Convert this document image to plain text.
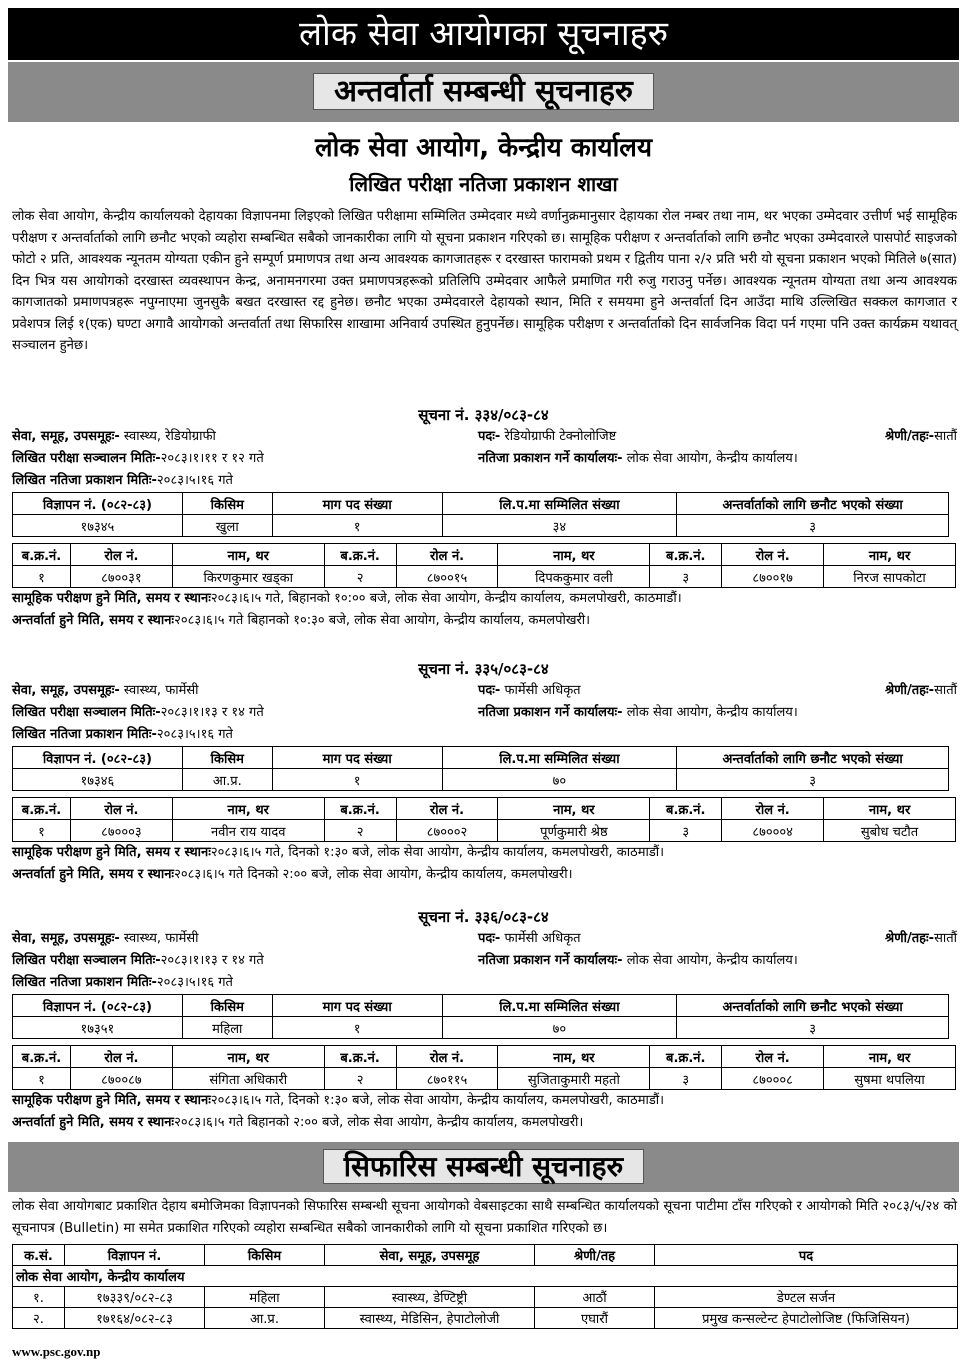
लोक सेवा आयोगका सूचनाहरु
अन्तर्वार्ता सम्बन्धी सूचनाहरु
लोक सेवा आयोग, केन्द्रीय कार्यालय
लिखित परीक्षा नतिजा प्रकाशन शाखा
लोक सेवा आयोग, केन्द्रीय कार्यालयको देहायका विज्ञापनमा लिइएको लिखित परीक्षामा सम्मिलित उम्मेदवार मध्ये वर्णानुक्रमानुसार देहायका रोल नम्बर तथा नाम, थर भएका उम्मेदवार उत्तीर्ण भई सामूहिक परीक्षण र अन्तर्वार्ताको लागि छनौट भएको व्यहोरा सम्बन्धित सबैको जानकारीका लागि यो सूचना प्रकाशन गरिएको छ। सामूहिक परीक्षण र अन्तर्वार्ताको लागि छनौट भएका उम्मेदवारले पासपोर्ट साइजको फोटो २ प्रति, आवश्यक न्यूनतम योग्यता एकीन हुने सम्पूर्ण प्रमाणपत्र तथा अन्य आवश्यक कागजातहरू र दरखास्त फारामको प्रथम र द्वितीय पाना २/२ प्रति भरी यो सूचना प्रकाशन भएको मितिले ७(सात) दिन भित्र यस आयोगको दरखास्त व्यवस्थापन केन्द्र, अनामनगरमा उक्त प्रमाणपत्रहरूको प्रतिलिपि उम्मेदवार आफैले प्रमाणित गरी रुजु गराउनु पर्नेछ। आवश्यक न्यूनतम योग्यता तथा अन्य आवश्यक कागजातको प्रमाणपत्रहरू नपुग्नाएमा जुनसुकै बखत दरखास्त रद्द हुनेछ। छनौट भएका उम्मेदवारले देहायको स्थान, मिति र समयमा हुने अन्तर्वार्ता दिन आउँदा माथि उल्लिखित सक्कल कागजात र प्रवेशपत्र लिई १(एक) घण्टा अगावै आयोगको अन्तर्वार्ता तथा सिफारिस शाखामा अनिवार्य उपस्थित हुनुपर्नेछ। सामूहिक परीक्षण र अन्तर्वार्ताको दिन सार्वजनिक विदा पर्न गएमा पनि उक्त कार्यक्रम यथावत् सञ्चालन हुनेछ।
सूचना नं. ३३४/०८३-८४
सेवा, समूह, उपसमूहः- स्वास्थ्य, रेडियोग्राफी	पदः- रेडियोग्राफी टेक्नोलोजिष्ट	श्रेणी/तहः-सातौं
लिखित परीक्षा सञ्चालन मितिः-२०८३।१।११ र १२ गते	नतिजा प्रकाशन गर्ने कार्यालयः- लोक सेवा आयोग, केन्द्रीय कार्यालय।
लिखित नतिजा प्रकाशन मितिः-२०८३।५।१६ गते
विज्ञापन नं. (०८२-८३)	किसिम	माग पद संख्या	लि.प.मा सम्मिलित संख्या	अन्तर्वार्ताको लागि छनौट भएको संख्या
१७३४५	खुला	१	३४	३
ब.क्र.नं.	रोल नं.	नाम, थर	ब.क्र.नं.	रोल नं.	नाम, थर	ब.क्र.नं.	रोल नं.	नाम, थर
१	८७००३१	किरणकुमार खड्का	२	८७००१५	दिपककुमार वली	३	८७००१७	निरज सापकोटा
सामूहिक परीक्षण हुने मिति, समय र स्थानः२०८३।६।५ गते, बिहानको १०:०० बजे, लोक सेवा आयोग, केन्द्रीय कार्यालय, कमलपोखरी, काठमाडौं।
अन्तर्वार्ता हुने मिति, समय र स्थानः२०८३।६।५ गते बिहानको १०:३० बजे, लोक सेवा आयोग, केन्द्रीय कार्यालय, कमलपोखरी।
सूचना नं. ३३५/०८३-८४
सेवा, समूह, उपसमूहः- स्वास्थ्य, फार्मेसी	पदः- फार्मेसी अधिकृत	श्रेणी/तहः-सातौं
लिखित परीक्षा सञ्चालन मितिः-२०८३।१।१३ र १४ गते	नतिजा प्रकाशन गर्ने कार्यालयः- लोक सेवा आयोग, केन्द्रीय कार्यालय।
लिखित नतिजा प्रकाशन मितिः-२०८३।५।१६ गते
विज्ञापन नं. (०८२-८३)	किसिम	माग पद संख्या	लि.प.मा सम्मिलित संख्या	अन्तर्वार्ताको लागि छनौट भएको संख्या
१७३४६	आ.प्र.	१	७०	३
ब.क्र.नं.	रोल नं.	नाम, थर	ब.क्र.नं.	रोल नं.	नाम, थर	ब.क्र.नं.	रोल नं.	नाम, थर
१	८७०००३	नवीन राय यादव	२	८७०००२	पूर्णकुमारी श्रेष्ठ	३	८७०००४	सुबोध चटौत
सामूहिक परीक्षण हुने मिति, समय र स्थानः२०८३।६।५ गते, दिनको १:३० बजे, लोक सेवा आयोग, केन्द्रीय कार्यालय, कमलपोखरी, काठमाडौं।
अन्तर्वार्ता हुने मिति, समय र स्थानः२०८३।६।५ गते दिनको २:०० बजे, लोक सेवा आयोग, केन्द्रीय कार्यालय, कमलपोखरी।
सूचना नं. ३३६/०८३-८४
सेवा, समूह, उपसमूहः- स्वास्थ्य, फार्मेसी	पदः- फार्मेसी अधिकृत	श्रेणी/तहः-सातौं
लिखित परीक्षा सञ्चालन मितिः-२०८३।१।१३ र १४ गते	नतिजा प्रकाशन गर्ने कार्यालयः- लोक सेवा आयोग, केन्द्रीय कार्यालय।
लिखित नतिजा प्रकाशन मितिः-२०८३।५।१६ गते
विज्ञापन नं. (०८२-८३)	किसिम	माग पद संख्या	लि.प.मा सम्मिलित संख्या	अन्तर्वार्ताको लागि छनौट भएको संख्या
१७३५१	महिला	१	७०	३
ब.क्र.नं.	रोल नं.	नाम, थर	ब.क्र.नं.	रोल नं.	नाम, थर	ब.क्र.नं.	रोल नं.	नाम, थर
१	८७००८७	संगिता अधिकारी	२	८७०११५	सुजिताकुमारी महतो	३	८७०००८	सुषमा थपलिया
सामूहिक परीक्षण हुने मिति, समय र स्थानः२०८३।६।५ गते, दिनको १:३० बजे, लोक सेवा आयोग, केन्द्रीय कार्यालय, कमलपोखरी, काठमाडौं।
अन्तर्वार्ता हुने मिति, समय र स्थानः२०८३।६।५ गते बिहानको २:०० बजे, लोक सेवा आयोग, केन्द्रीय कार्यालय, कमलपोखरी।
सिफारिस सम्बन्धी सूचनाहरु
लोक सेवा आयोगबाट प्रकाशित देहाय बमोजिमका विज्ञापनको सिफारिस सम्बन्धी सूचना आयोगको वेबसाइटका साथै सम्बन्धित कार्यालयको सूचना पाटीमा टाँस गरिएको र आयोगको मिति २०८३/५/२४ को सूचनापत्र (Bulletin) मा समेत प्रकाशित गरिएको व्यहोरा सम्बन्धित सबैको जानकारीको लागि यो सूचना प्रकाशित गरिएको छ।
क.सं.	विज्ञापन नं.	किसिम	सेवा, समूह, उपसमूह	श्रेणी/तह	पद
लोक सेवा आयोग, केन्द्रीय कार्यालय					
१.	१७३३९/०८२-८३	महिला	स्वास्थ्य, डेण्टिष्ट्री	आठौं	डेण्टल सर्जन
२.	१७१६४/०८२-८३	आ.प्र.	स्वास्थ्य, मेडिसिन, हेपाटोलोजी	एघारौं	प्रमुख कन्सल्टेन्ट हेपाटोलोजिष्ट (फिजिसियन)
www.psc.gov.np
